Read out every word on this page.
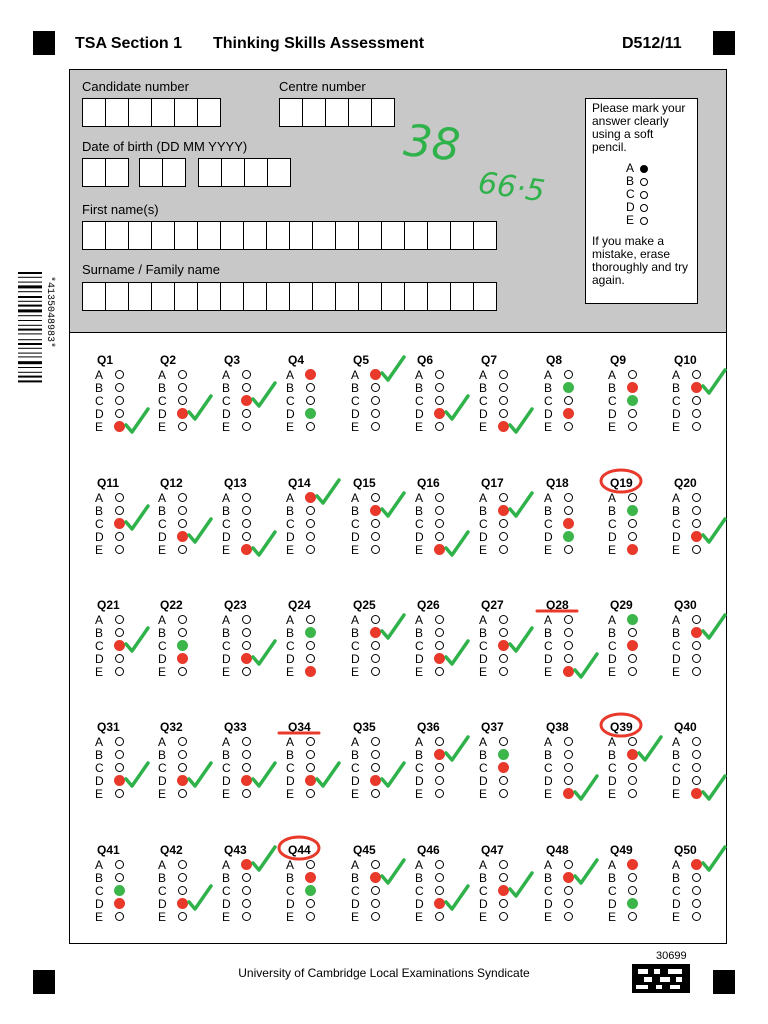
TSA Section 1 Thinking Skills Assessment	D512/11
*4135048983*
Candidate number	Centre number
Date of birth (DD MM YYYY)
First name(s)
Surname / Family name
Please mark your answer clearly using a soft pencil.
A
B
C
D
E
If you make a mistake, erase thoroughly and try again.
Q1
A
B
C
D
E
Q2
A
B
C
D
E
Q3
A
B
C
D
E
Q4
A
B
C
D
E
Q5
A
B
C
D
E
Q6
A
B
C
D
E
Q7
A
B
C
D
E
Q8
A
B
C
D
E
Q9
A
B
C
D
E
Q10
A
B
C
D
E
Q11
A
B
C
D
E
Q12
A
B
C
D
E
Q13
A
B
C
D
E
Q14
A
B
C
D
E
Q15
A
B
C
D
E
Q16
A
B
C
D
E
Q17
A
B
C
D
E
Q18
A
B
C
D
E
Q19
A
B
C
D
E
Q20
A
B
C
D
E
Q21
A
B
C
D
E
Q22
A
B
C
D
E
Q23
A
B
C
D
E
Q24
A
B
C
D
E
Q25
A
B
C
D
E
Q26
A
B
C
D
E
Q27
A
B
C
D
E
Q28
A
B
C
D
E
Q29
A
B
C
D
E
Q30
A
B
C
D
E
Q31
A
B
C
D
E
Q32
A
B
C
D
E
Q33
A
B
C
D
E
Q34
A
B
C
D
E
Q35
A
B
C
D
E
Q36
A
B
C
D
E
Q37
A
B
C
D
E
Q38
A
B
C
D
E
Q39
A
B
C
D
E
Q40
A
B
C
D
E
Q41
A
B
C
D
E
Q42
A
B
C
D
E
Q43
A
B
C
D
E
Q44
A
B
C
D
E
Q45
A
B
C
D
E
Q46
A
B
C
D
E
Q47
A
B
C
D
E
Q48
A
B
C
D
E
Q49
A
B
C
D
E
Q50
A
B
C
D
E
38
66·5
30699
University of Cambridge Local Examinations Syndicate
